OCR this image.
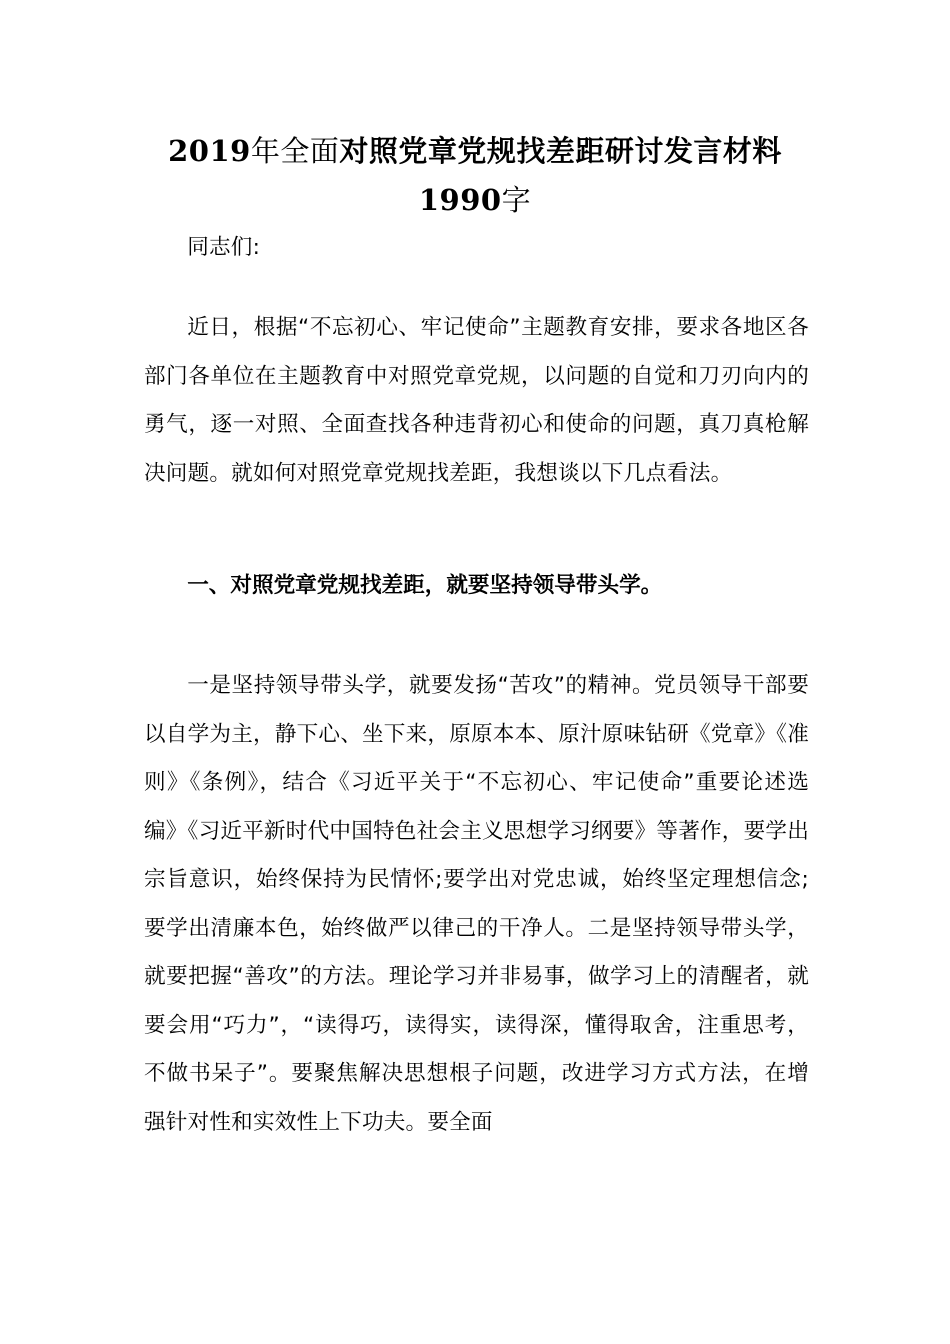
2019年全面对照党章党规找差距研讨发言材料
1990字
同志们:
近日，根据“不忘初心、牢记使命”主题教育安排，要求各地区各部门各单位在主题教育中对照党章党规，以问题的自觉和刀刃向内的勇气，逐一对照、全面查找各种违背初心和使命的问题，真刀真枪解决问题。就如何对照党章党规找差距，我想谈以下几点看法。
一、对照党章党规找差距，就要坚持领导带头学。
一是坚持领导带头学，就要发扬“苦攻”的精神。党员领导干部要以自学为主，静下心、坐下来，原原本本、原汁原味钻研《党章》《准则》《条例》，结合《习近平关于“不忘初心、牢记使命”重要论述选编》《习近平新时代中国特色社会主义思想学习纲要》等著作，要学出宗旨意识，始终保持为民情怀;要学出对党忠诚，始终坚定理想信念;要学出清廉本色，始终做严以律己的干净人。二是坚持领导带头学，就要把握“善攻”的方法。理论学习并非易事，做学习上的清醒者，就要会用“巧力”，“读得巧，读得实，读得深，懂得取舍，注重思考，不做书呆子”。要聚焦解决思想根子问题，改进学习方式方法，在增强针对性和实效性上下功夫。要全面
